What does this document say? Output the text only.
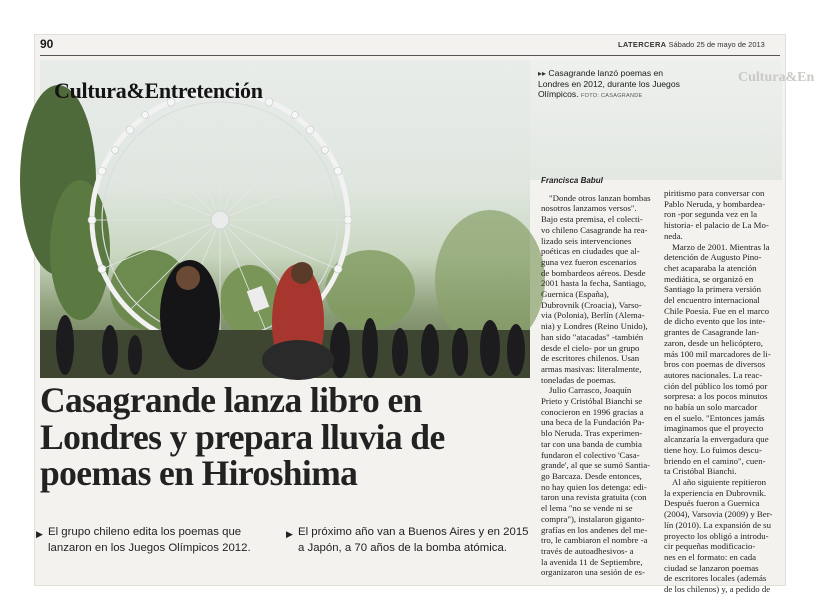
90	LATERCERA Sábado 25 de mayo de 2013
Cultura&Entretención
Cultura&En
▸▸ Casagrande lanzó poemas en Londres en 2012, durante los Juegos Olímpicos. FOTO: CASAGRANDE
Casagrande lanza libro en
Londres y prepara lluvia de
poemas en Hiroshima
▶ El grupo chileno edita los poemas que lanzaron en los Juegos Olímpicos 2012.
▶ El próximo año van a Buenos Aires y en 2015 a Japón, a 70 años de la bomba atómica.
Francisca Babul
"Donde otros lanzan bombas
nosotros lanzamos versos".
Bajo esta premisa, el colecti-
vo chileno Casagrande ha rea-
lizado seis intervenciones
poéticas en ciudades que al-
guna vez fueron escenarios
de bombardeos aéreos. Desde
2001 hasta la fecha, Santiago,
Guernica (España),
Dubrovnik (Croacia), Varso-
via (Polonia), Berlín (Alema-
nia) y Londres (Reino Unido),
han sido "atacadas" -también
desde el cielo- por un grupo
de escritores chilenos. Usan
armas masivas: literalmente,
toneladas de poemas.
Julio Carrasco, Joaquín
Prieto y Cristóbal Bianchi se
conocieron en 1996 gracias a
una beca de la Fundación Pa-
blo Neruda. Tras experimen-
tar con una banda de cumbia
fundaron el colectivo 'Casa-
grande', al que se sumó Santia-
go Barcaza. Desde entonces,
no hay quien los detenga: edi-
taron una revista gratuita (con
el lema "no se vende ni se
compra"), instalaron giganto-
grafías en los andenes del me-
tro, le cambiaron el nombre -a
través de autoadhesivos- a
la avenida 11 de Septiembre,
organizaron una sesión de es-
piritismo para conversar con
Pablo Neruda, y bombardea-
ron -por segunda vez en la
historia- el palacio de La Mo-
neda.
Marzo de 2001. Mientras la
detención de Augusto Pino-
chet acaparaba la atención
mediática, se organizó en
Santiago la primera versión
del encuentro internacional
Chile Poesía. Fue en el marco
de dicho evento que los inte-
grantes de Casagrande lan-
zaron, desde un helicóptero,
más 100 mil marcadores de li-
bros con poemas de diversos
autores nacionales. La reac-
ción del público los tomó por
sorpresa: a los pocos minutos
no había un solo marcador
en el suelo. "Entonces jamás
imaginamos que el proyecto
alcanzaría la envergadura que
tiene hoy. Lo fuimos descu-
briendo en el camino", cuen-
ta Cristóbal Bianchi.
Al año siguiente repitieron
la experiencia en Dubrovnik.
Después fueron a Guernica
(2004), Varsovia (2009) y Ber-
lín (2010). La expansión de su
proyecto los obligó a introdu-
cir pequeñas modificacio-
nes en el formato: en cada
ciudad se lanzaron poemas
de escritores locales (además
de los chilenos) y, a pedido de
